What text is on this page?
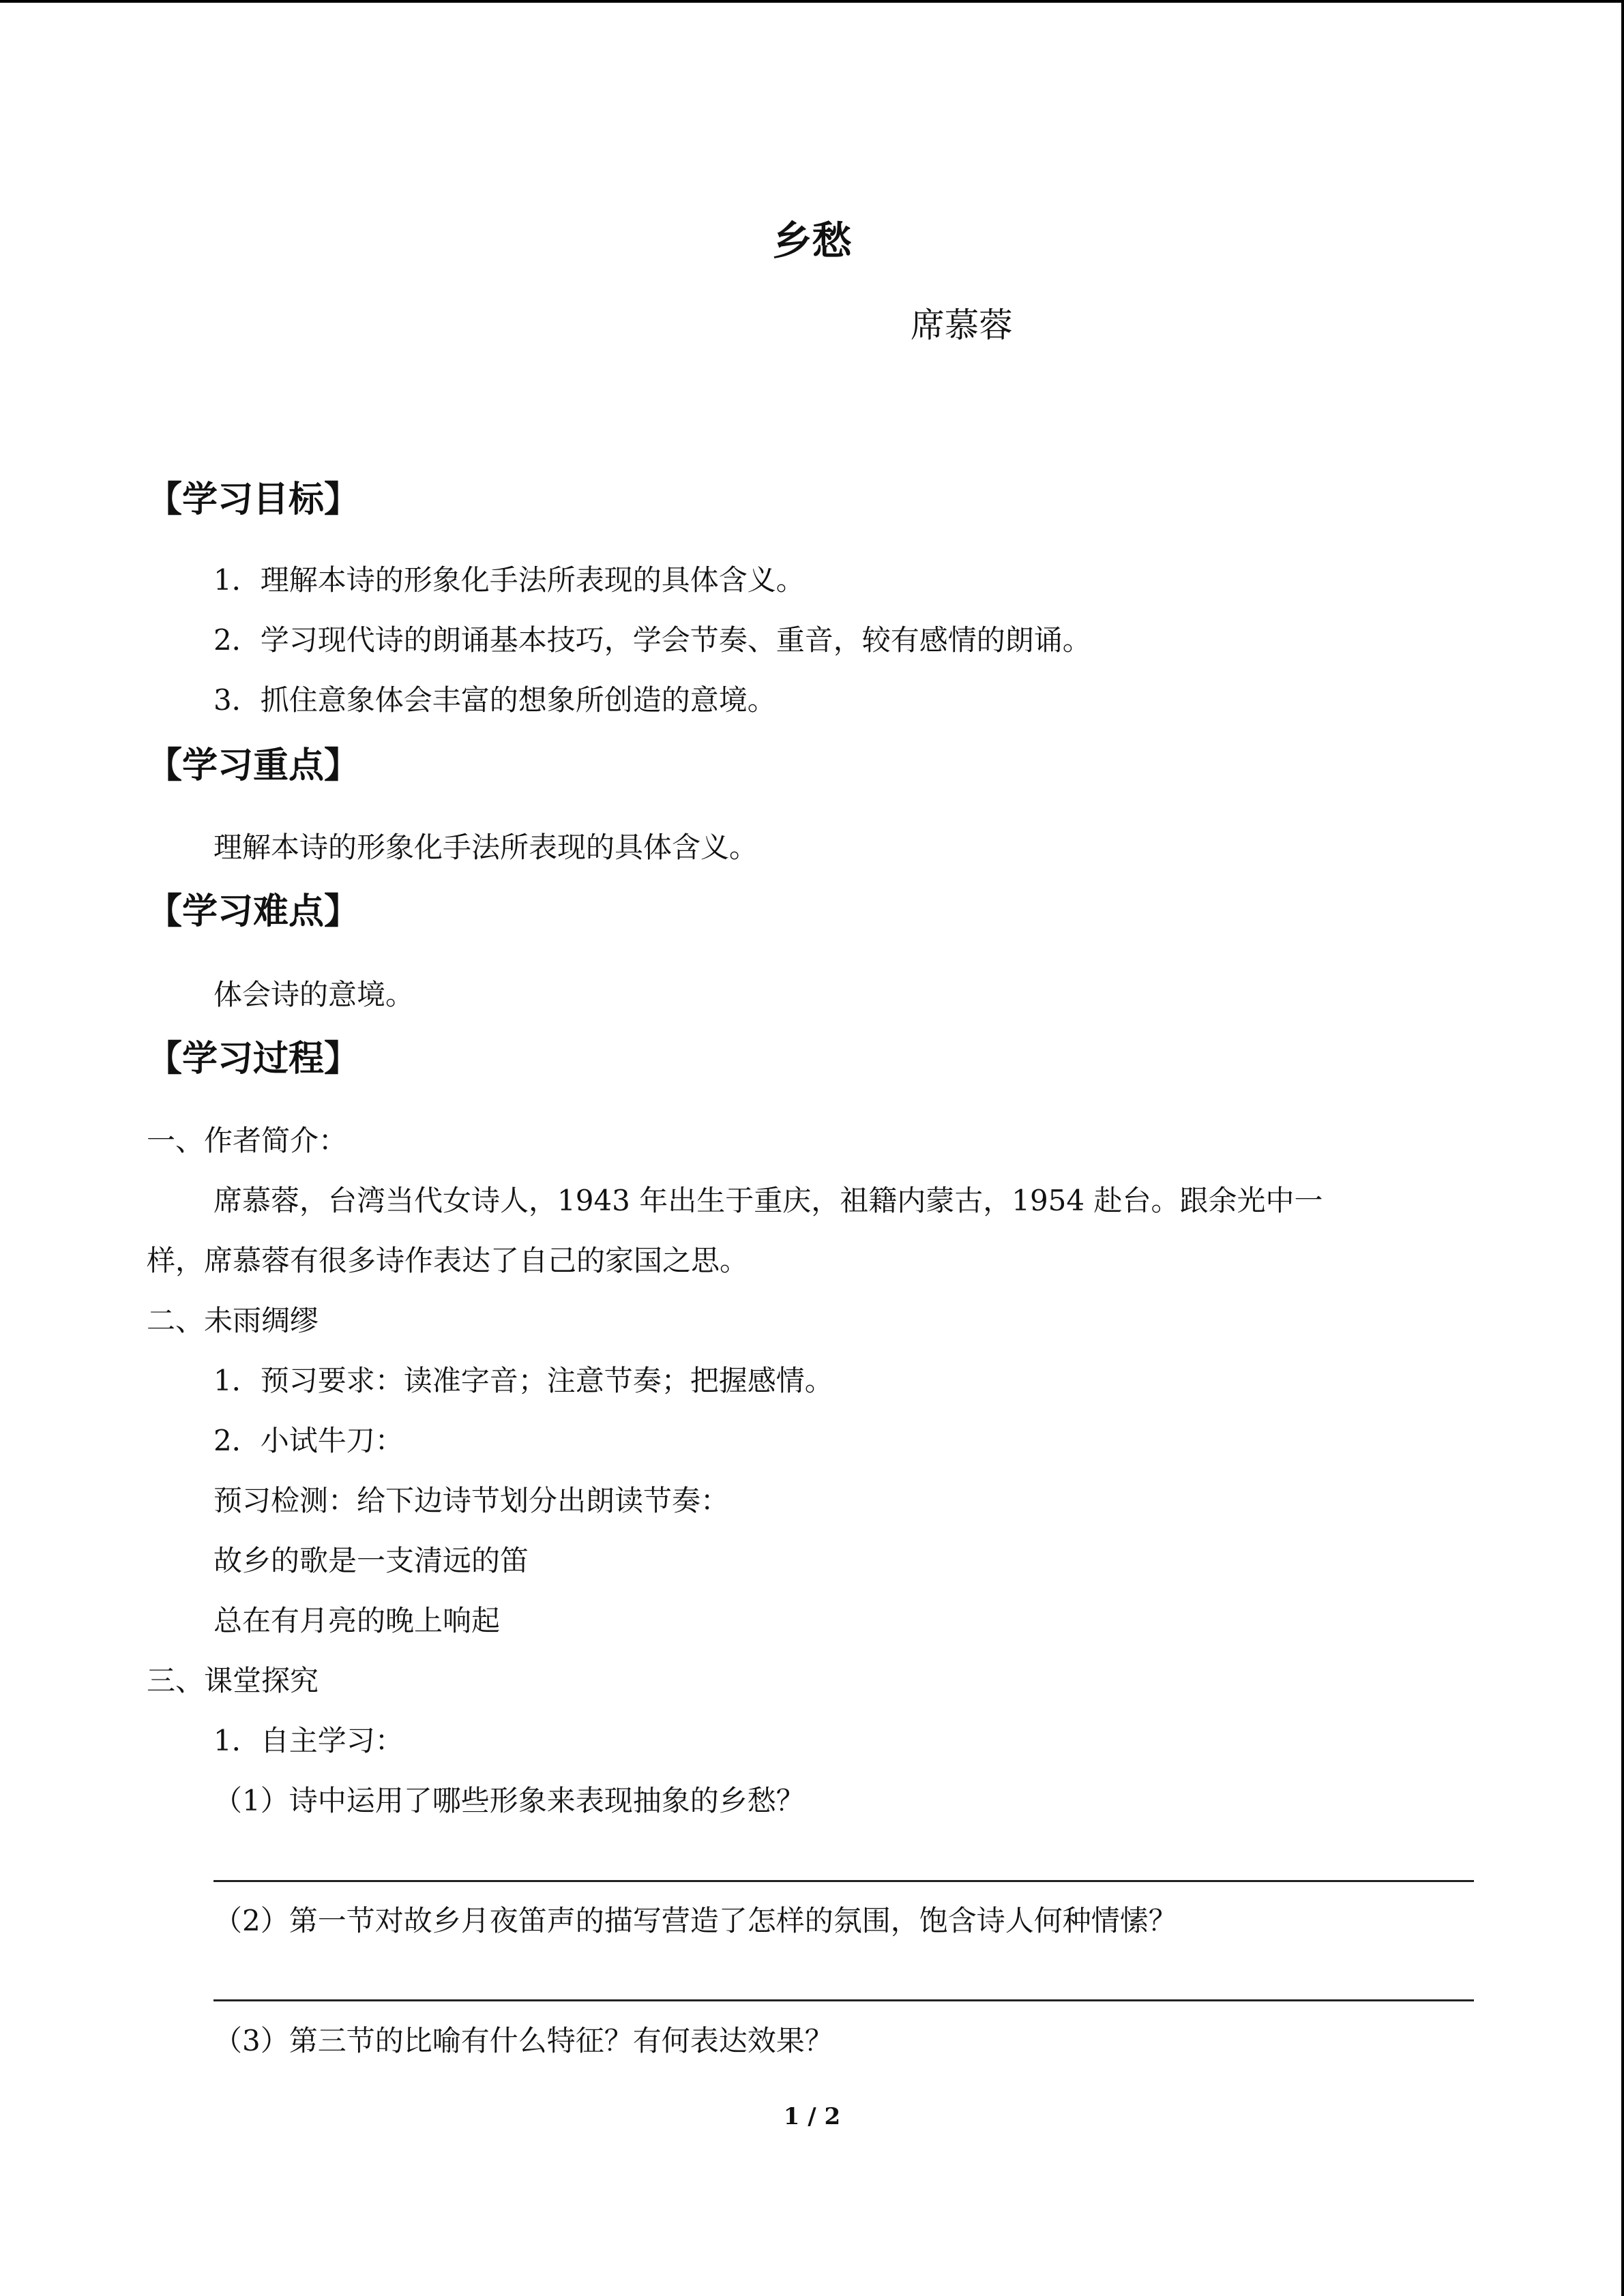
乡愁
席慕蓉
【学习目标】
1．理解本诗的形象化手法所表现的具体含义。
2．学习现代诗的朗诵基本技巧，学会节奏、重音，较有感情的朗诵。
3．抓住意象体会丰富的想象所创造的意境。
【学习重点】
理解本诗的形象化手法所表现的具体含义。
【学习难点】
体会诗的意境。
【学习过程】
一、作者简介：
席慕蓉，台湾当代女诗人，1943 年出生于重庆，祖籍内蒙古，1954 赴台。跟余光中一
样，席慕蓉有很多诗作表达了自己的家国之思。
二、未雨绸缪
1．预习要求：读准字音；注意节奏；把握感情。
2．小试牛刀：
预习检测：给下边诗节划分出朗读节奏：
故乡的歌是一支清远的笛
总在有月亮的晚上响起
三、课堂探究
1．自主学习：
（1）诗中运用了哪些形象来表现抽象的乡愁？
（2）第一节对故乡月夜笛声的描写营造了怎样的氛围，饱含诗人何种情愫？
（3）第三节的比喻有什么特征？有何表达效果？
1 / 2
